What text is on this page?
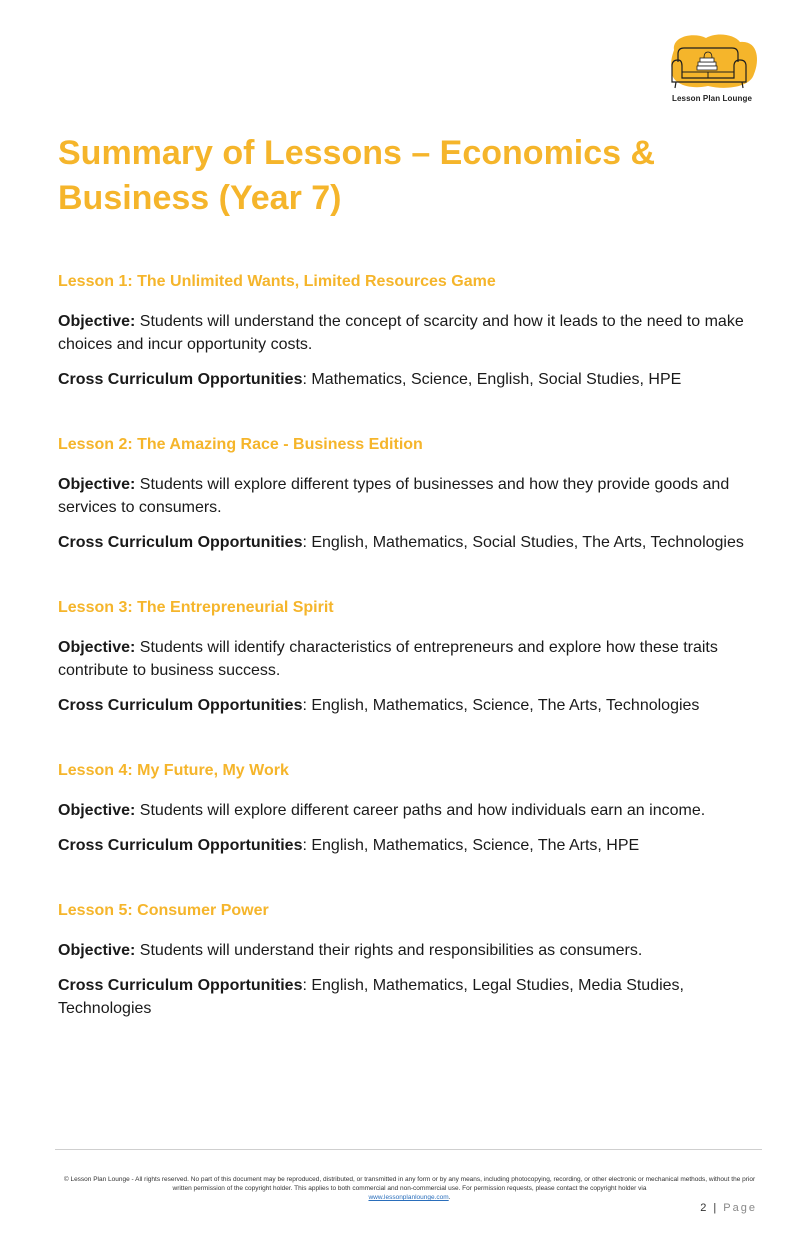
Lesson Plan Lounge
Summary of Lessons – Economics & Business (Year 7)
Lesson 1: The Unlimited Wants, Limited Resources Game

Objective: Students will understand the concept of scarcity and how it leads to the need to make choices and incur opportunity costs.

Cross Curriculum Opportunities: Mathematics, Science, English, Social Studies, HPE

Lesson 2: The Amazing Race - Business Edition

Objective: Students will explore different types of businesses and how they provide goods and services to consumers.

Cross Curriculum Opportunities: English, Mathematics, Social Studies, The Arts, Technologies

Lesson 3: The Entrepreneurial Spirit

Objective: Students will identify characteristics of entrepreneurs and explore how these traits contribute to business success.

Cross Curriculum Opportunities: English, Mathematics, Science, The Arts, Technologies

Lesson 4: My Future, My Work

Objective: Students will explore different career paths and how individuals earn an income.

Cross Curriculum Opportunities: English, Mathematics, Science, The Arts, HPE

Lesson 5: Consumer Power

Objective: Students will understand their rights and responsibilities as consumers.

Cross Curriculum Opportunities: English, Mathematics, Legal Studies, Media Studies, Technologies

© Lesson Plan Lounge - All rights reserved. No part of this document may be reproduced, distributed, or transmitted in any form or by any means, including photocopying, recording, or other electronic or mechanical methods, without the prior written permission of the copyright holder. This applies to both commercial and non-commercial use. For permission requests, please contact the copyright holder via
www.lessonplanlounge.com.
2 | Page
